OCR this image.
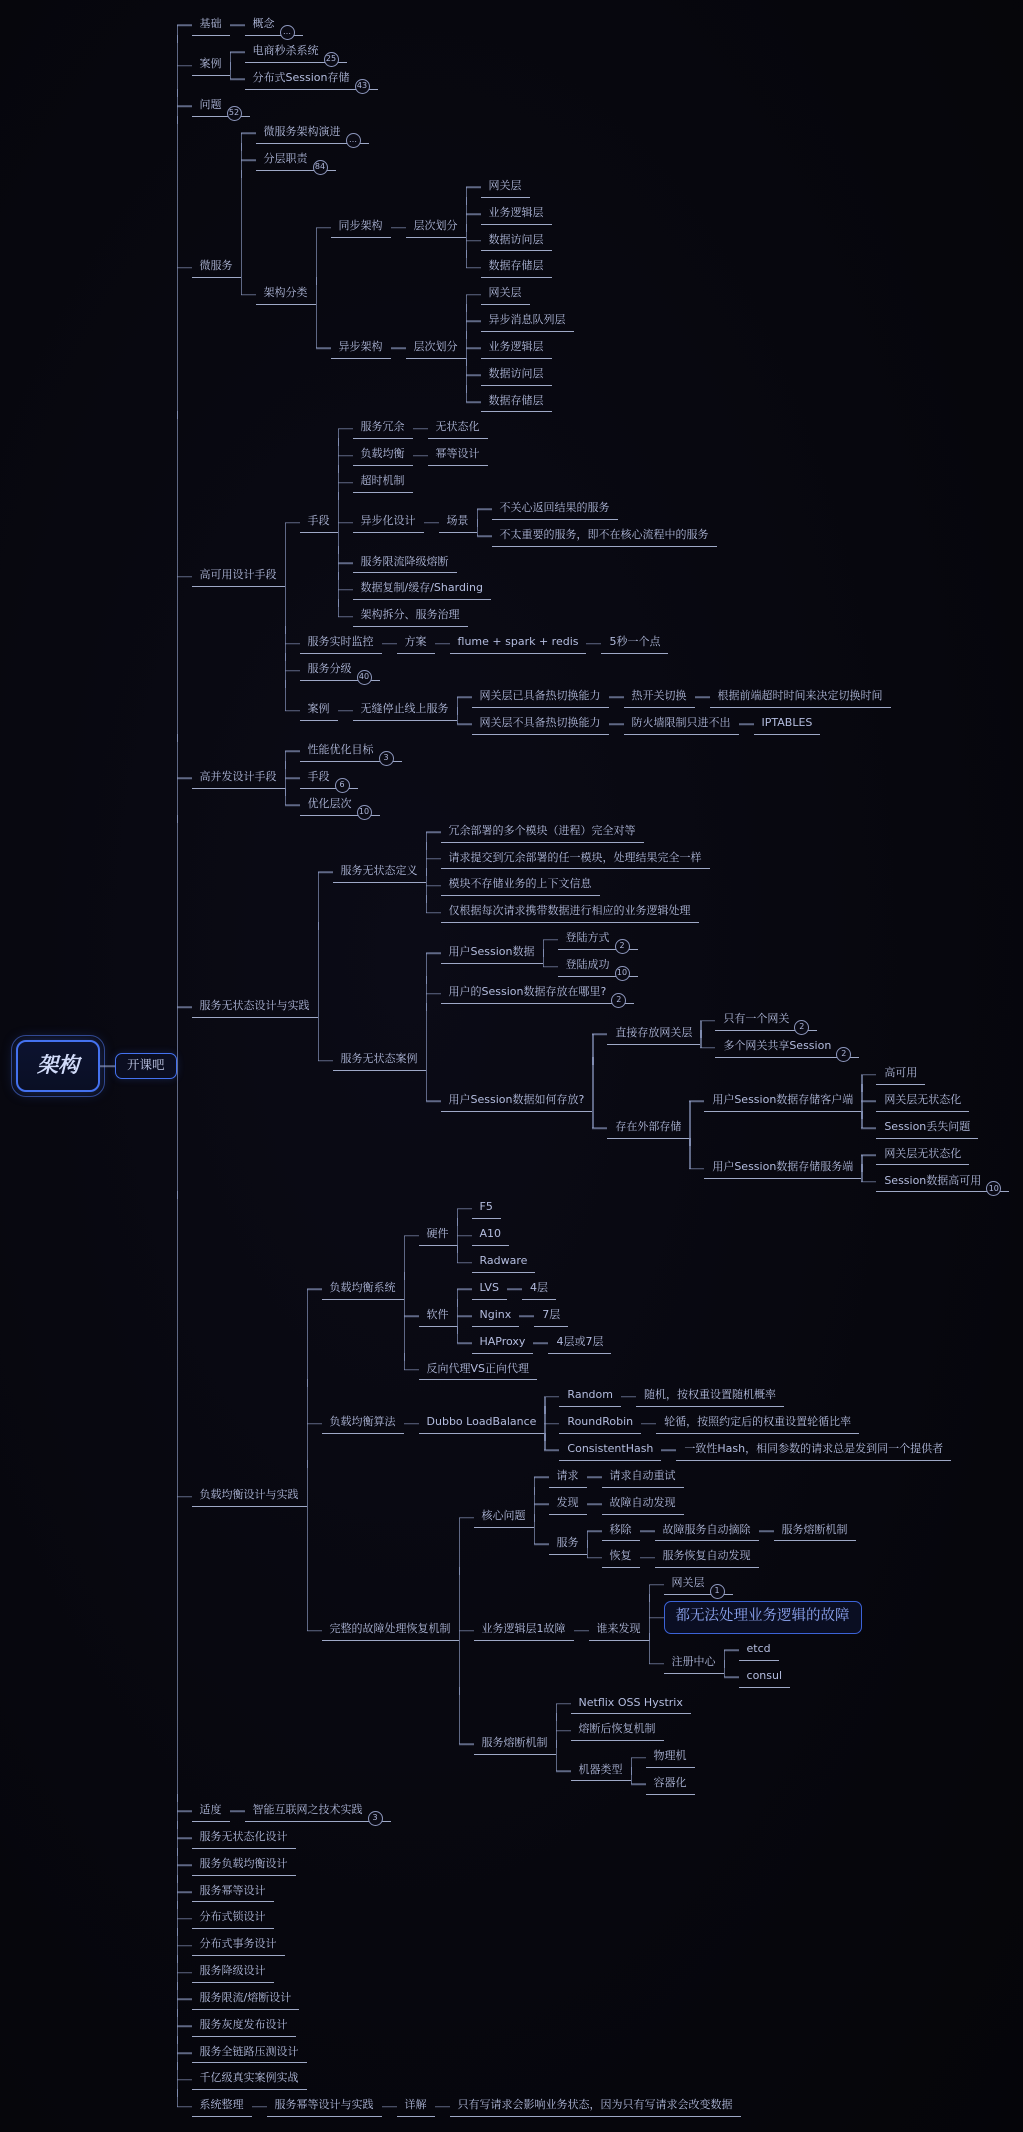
架构	开课吧
基础	概念
…
案例
电商秒杀系统
25
分布式Session存储
43
问题
52
微服务
微服务架构演进
…
分层职责
84
架构分类
同步架构	层次划分
网关层
业务逻辑层
数据访问层
数据存储层
异步架构	层次划分
网关层
异步消息队列层
业务逻辑层
数据访问层
数据存储层
高可用设计手段
手段
服务冗余	无状态化
负载均衡	幂等设计
超时机制
异步化设计	场景
不关心返回结果的服务
不太重要的服务，即不在核心流程中的服务
服务限流降级熔断
数据复制/缓存/Sharding
架构拆分、服务治理
服务实时监控	方案	flume + spark + redis	5秒一个点
服务分级
40
案例	无缝停止线上服务
网关层已具备热切换能力	热开关切换	根据前端超时时间来决定切换时间
网关层不具备热切换能力	防火墙限制只进不出	IPTABLES
高并发设计手段
性能优化目标
3
手段
6
优化层次
10
服务无状态设计与实践
服务无状态定义
冗余部署的多个模块（进程）完全对等
请求提交到冗余部署的任一模块，处理结果完全一样
模块不存储业务的上下文信息
仅根据每次请求携带数据进行相应的业务逻辑处理
服务无状态案例
用户Session数据
登陆方式
2
登陆成功
10
用户的Session数据存放在哪里?
2
用户Session数据如何存放?
直接存放网关层
只有一个网关
2
多个网关共享Session
2
存在外部存储
用户Session数据存储客户端
高可用
网关层无状态化
Session丢失问题
用户Session数据存储服务端
网关层无状态化
Session数据高可用
10
负载均衡设计与实践
负载均衡系统
硬件
F5
A10
Radware
软件
LVS	4层
Nginx	7层
HAProxy	4层或7层
反向代理VS正向代理
负载均衡算法	Dubbo LoadBalance
Random	随机，按权重设置随机概率
RoundRobin	轮循，按照约定后的权重设置轮循比率
ConsistentHash	一致性Hash，相同参数的请求总是发到同一个提供者
完整的故障处理恢复机制
核心问题
请求	请求自动重试
发现	故障自动发现
服务
移除	故障服务自动摘除	服务熔断机制
恢复	服务恢复自动发现
业务逻辑层1故障	谁来发现
网关层
1
都无法处理业务逻辑的故障
注册中心
etcd
consul
服务熔断机制
Netflix OSS Hystrix
熔断后恢复机制
机器类型
物理机
容器化
适度	智能互联网之技术实践
3
服务无状态化设计
服务负载均衡设计
服务幂等设计
分布式锁设计
分布式事务设计
服务降级设计
服务限流/熔断设计
服务灰度发布设计
服务全链路压测设计
千亿级真实案例实战
系统整理	服务幂等设计与实践	详解	只有写请求会影响业务状态，因为只有写请求会改变数据
